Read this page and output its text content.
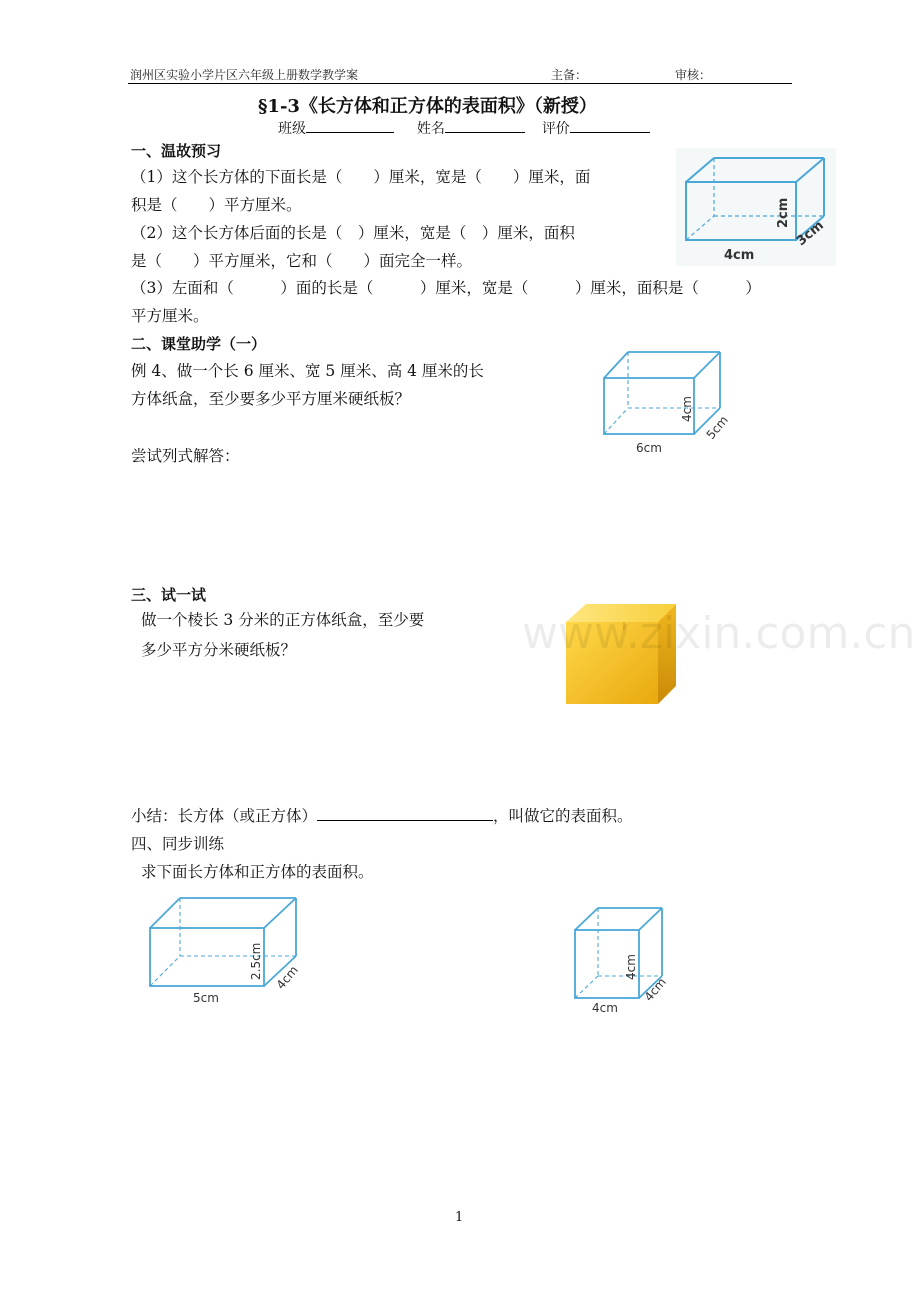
润州区实验小学片区六年级上册数学教学案	主备：	审核：
§1-3《长方体和正方体的表面积》（新授）
班级	姓名	评价
一、温故预习
（1）这个长方体的下面长是（　　）厘米，宽是（　　）厘米，面
积是（　　）平方厘米。
（2）这个长方体后面的长是（　）厘米，宽是（　）厘米，面积
是（　　）平方厘米，它和（　　）面完全一样。
（3）左面和（　　　）面的长是（　　　）厘米，宽是（　　　）厘米，面积是（　　　）
平方厘米。
4cm
2cm
3cm
二、课堂助学（一）
例 4、做一个长 6 厘米、宽 5 厘米、高 4 厘米的长
方体纸盒，至少要多少平方厘米硬纸板？
尝试列式解答：	6cm
4cm
5cm
三、试一试
做一个棱长 3 分米的正方体纸盒，至少要
多少平方分米硬纸板？	www.zixin.com.cn
小结：长方体（或正方体）	，叫做它的表面积。
四、同步训练
求下面长方体和正方体的表面积。
5cm
2.5cm 4cm
4cm
4cm
4cm
1
